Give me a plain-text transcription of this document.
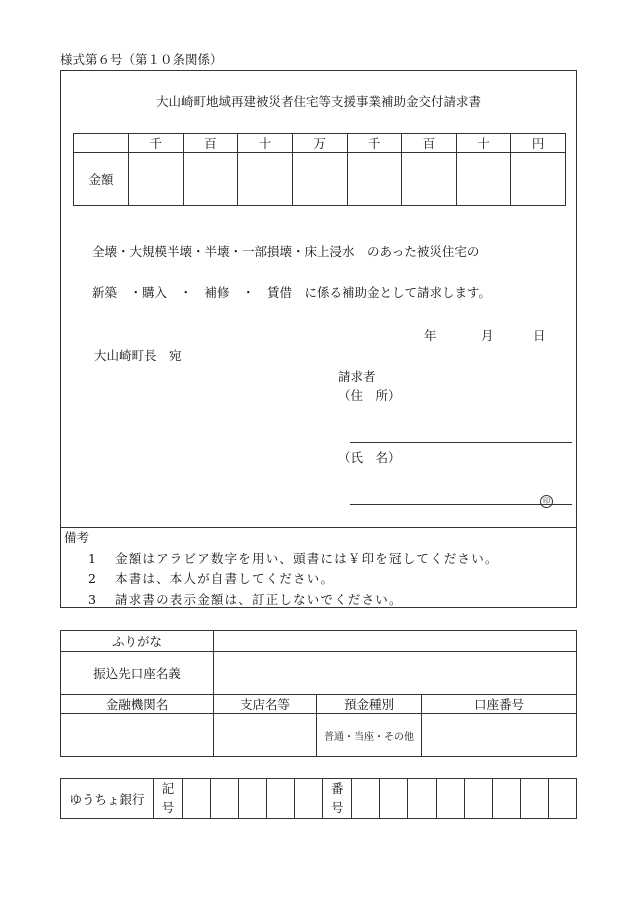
様式第６号（第１０条関係）
大山崎町地域再建被災者住宅等支援事業補助金交付請求書
	千	百	十	万	千	百	十	円
金額								
全壊・大規模半壊・半壊・一部損壊・床上浸水　のあった被災住宅の
新築　・購入　・　補修　・　賃借　に係る補助金として請求します。
年	月	日
大山崎町長　宛
請求者
（住　所）
（氏　名）
印
備考
1 金額はアラビア数字を用い、頭書には￥印を冠してください。
2 本書は、本人が自書してください。
3 請求書の表示金額は、訂正しないでください。
ふりがな			
振込先口座名義			
金融機関名	支店名等	預金種別	口座番号
		普通・当座・その他	
ゆうちょ銀行	記
号						番
号								
